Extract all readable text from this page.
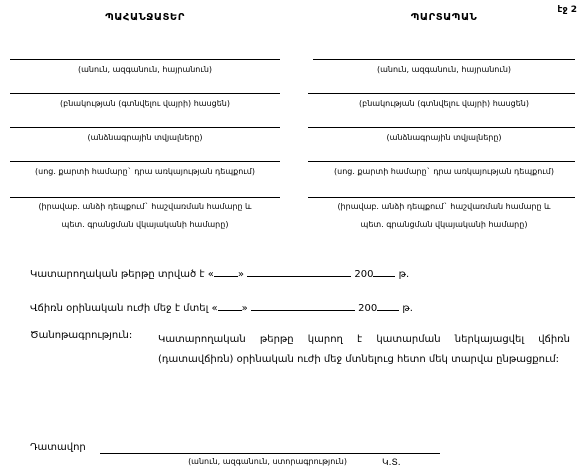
էջ 2
ՊԱՀԱՆՋԱՏԵՐ
(անուն, ազգանուն, հայրանուն)
(բնակության (գտնվելու վայրի) հասցեն)
(անձնագրային տվյալները)
(սոց. քարտի համարը` դրա առկայության դեպքում)
(իրավաբ. անձի դեպքում` հաշվառման համարը և
պետ. գրանցման վկայականի համարը)
ՊԱՐՏԱՊԱՆ
(անուն, ազգանուն, հայրանուն)
(բնակության (գտնվելու վայրի) հասցեն)
(անձնագրային տվյալները)
(սոց. քարտի համարը` դրա առկայության դեպքում)
(իրավաբ. անձի դեպքում` հաշվառման համարը և
պետ. գրանցման վկայականի համարը)
Կատարողական թերթը տրված է « »	200	թ.
Վճիռն օրինական ուժի մեջ է մտել « »	200	թ.
Ծանոթագրություն:	Կատարողական թերթը կարող է կատարման ներկայացվել վճիռն (դատավճիռն) օրինական ուժի մեջ մտնելուց հետո մեկ տարվա ընթացքում:
Դատավոր
(անուն, ազգանուն, ստորագրություն)	Կ.Տ.
